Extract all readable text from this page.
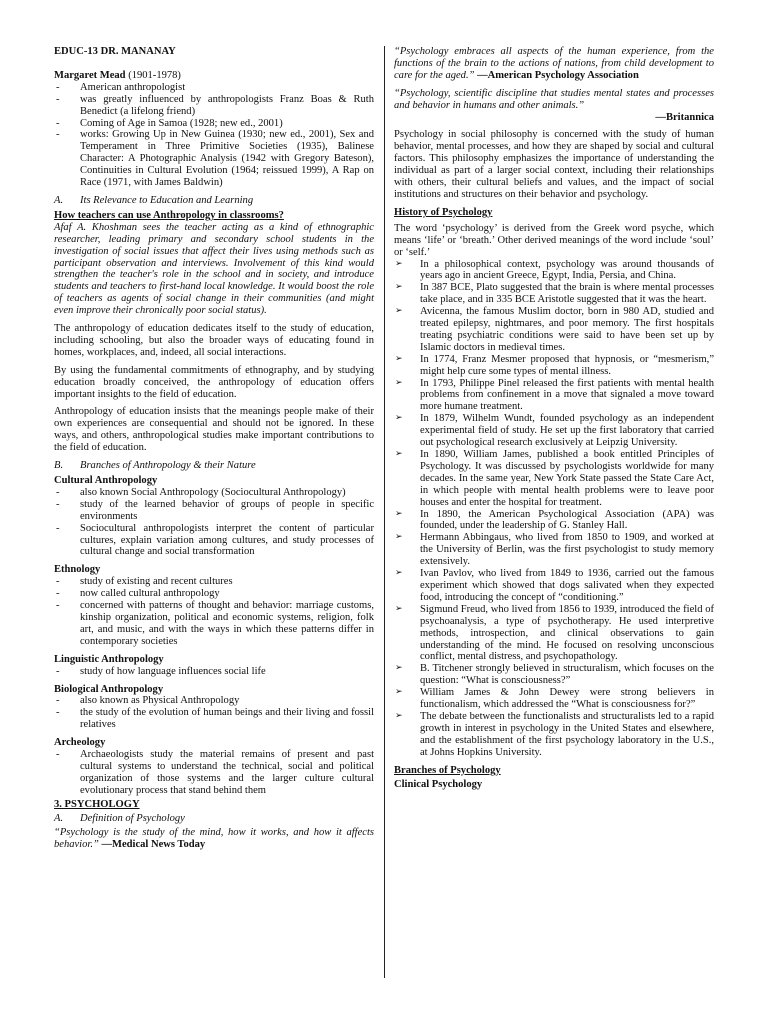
EDUC-13 DR. MANANAY
Margaret Mead (1901-1978)
- American anthropologist
- was greatly influenced by anthropologists Franz Boas & Ruth Benedict (a lifelong friend)
- Coming of Age in Samoa (1928; new ed., 2001)
- works: Growing Up in New Guinea (1930; new ed., 2001), Sex and Temperament in Three Primitive Societies (1935), Balinese Character: A Photographic Analysis (1942 with Gregory Bateson), Continuities in Cultural Evolution (1964; reissued 1999), A Rap on Race (1971, with James Baldwin)
A. Its Relevance to Education and Learning
How teachers can use Anthropology in classrooms?

Afaf A. Khoshman sees the teacher acting as a kind of ethnographic researcher, leading primary and secondary school students in the investigation of social issues that affect their lives using methods such as participant observation and interviews. Involvement of this kind would strengthen the teacher's role in the school and in society, and introduce students and teachers to first-hand local knowledge. It would boost the role of teachers as agents of social change in their communities (and might even improve their chronically poor social status).

The anthropology of education dedicates itself to the study of education, including schooling, but also the broader ways of educating found in homes, workplaces, and, indeed, all social interactions.

By using the fundamental commitments of ethnography, and by studying education broadly conceived, the anthropology of education offers important insights to the field of education.

Anthropology of education insists that the meanings people make of their own experiences are consequential and should not be ignored. In these ways, and others, anthropological studies make important contributions to the field of education.

B. Branches of Anthropology & their Nature
Cultural Anthropology
- also known Social Anthropology (Sociocultural Anthropology)
- study of the learned behavior of groups of people in specific environments
- Sociocultural anthropologists interpret the content of particular cultures, explain variation among cultures, and study processes of cultural change and social transformation
Ethnology
- study of existing and recent cultures
- now called cultural anthropology
- concerned with patterns of thought and behavior: marriage customs, kinship organization, political and economic systems, religion, folk art, and music, and with the ways in which these patterns differ in contemporary societies
Linguistic Anthropology
- study of how language influences social life
Biological Anthropology
- also known as Physical Anthropology
- the study of the evolution of human beings and their living and fossil relatives
Archeology
- Archaeologists study the material remains of present and past cultural systems to understand the technical, social and political organization of those systems and the larger culture cultural evolutionary process that stand behind them
3. PSYCHOLOGY
A. Definition of Psychology

“Psychology is the study of the mind, how it works, and how it affects behavior.” —Medical News Today

“Psychology embraces all aspects of the human experience, from the functions of the brain to the actions of nations, from child development to care for the aged.” —American Psychology Association

“Psychology, scientific discipline that studies mental states and processes and behavior in humans and other animals.”

—Britannica

Psychology in social philosophy is concerned with the study of human behavior, mental processes, and how they are shaped by social and cultural factors. This philosophy emphasizes the importance of understanding the individual as part of a larger social context, including their relationships with others, their cultural beliefs and values, and the impact of social institutions and structures on their behavior and psychology.

History of Psychology

The word ‘psychology’ is derived from the Greek word psyche, which means ‘life’ or ‘breath.’ Other derived meanings of the word include ‘soul’ or ‘self.’

➢ In a philosophical context, psychology was around thousands of years ago in ancient Greece, Egypt, India, Persia, and China.
➢ In 387 BCE, Plato suggested that the brain is where mental processes take place, and in 335 BCE Aristotle suggested that it was the heart.
➢ Avicenna, the famous Muslim doctor, born in 980 AD, studied and treated epilepsy, nightmares, and poor memory. The first hospitals treating psychiatric conditions were said to have been set up by Islamic doctors in medieval times.
➢ In 1774, Franz Mesmer proposed that hypnosis, or “mesmerism,” might help cure some types of mental illness.
➢ In 1793, Philippe Pinel released the first patients with mental health problems from confinement in a move that signaled a move toward more humane treatment.
➢ In 1879, Wilhelm Wundt, founded psychology as an independent experimental field of study. He set up the first laboratory that carried out psychological research exclusively at Leipzig University.
➢ In 1890, William James, published a book entitled Principles of Psychology. It was discussed by psychologists worldwide for many decades. In the same year, New York State passed the State Care Act, in which people with mental health problems were to leave poor houses and enter the hospital for treatment.
➢ In 1890, the American Psychological Association (APA) was founded, under the leadership of G. Stanley Hall.
➢ Hermann Abbingaus, who lived from 1850 to 1909, and worked at the University of Berlin, was the first psychologist to study memory extensively.
➢ Ivan Pavlov, who lived from 1849 to 1936, carried out the famous experiment which showed that dogs salivated when they expected food, introducing the concept of “conditioning.”
➢ Sigmund Freud, who lived from 1856 to 1939, introduced the field of psychoanalysis, a type of psychotherapy. He used interpretive methods, introspection, and clinical observations to gain understanding of the mind. He focused on resolving unconscious conflict, mental distress, and psychopathology.
➢ B. Titchener strongly believed in structuralism, which focuses on the question: “What is consciousness?”
➢ William James & John Dewey were strong believers in functionalism, which addressed the “What is consciousness for?”
➢ The debate between the functionalists and structuralists led to a rapid growth in interest in psychology in the United States and elsewhere, and the establishment of the first psychology laboratory in the U.S., at Johns Hopkins University.
Branches of Psychology
Clinical Psychology
